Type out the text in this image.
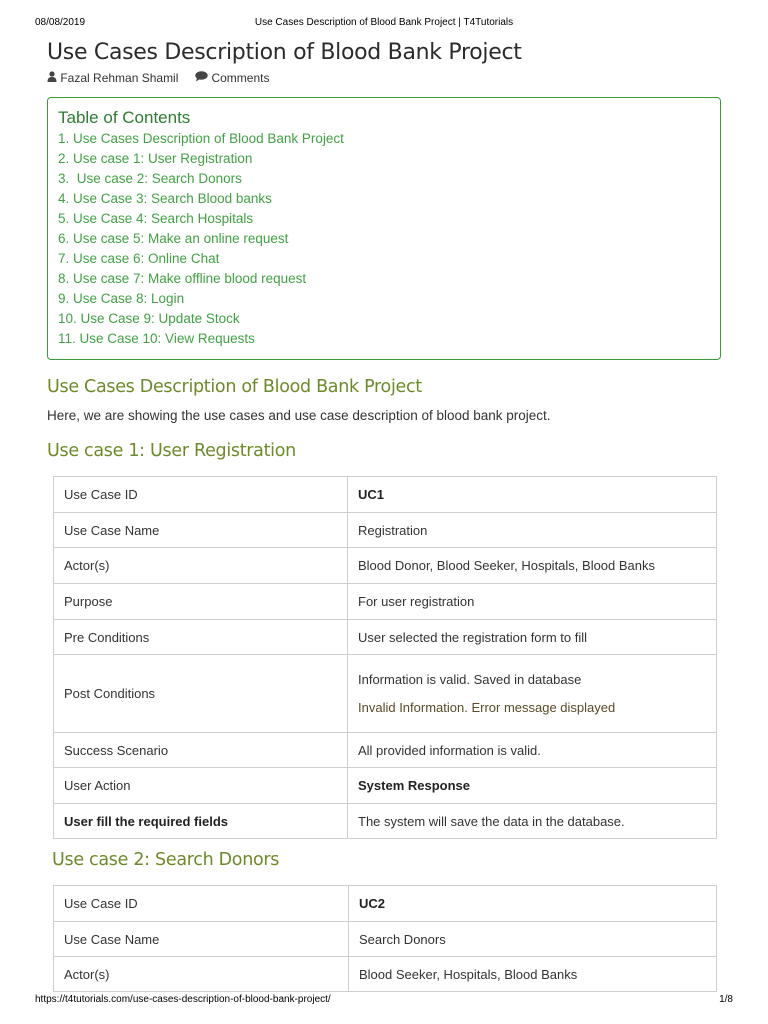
08/08/2019	Use Cases Description of Blood Bank Project | T4Tutorials
Use Cases Description of Blood Bank Project
Fazal Rehman Shamil	Comments

Table of Contents

1. Use Cases Description of Blood Bank Project
2. Use case 1: User Registration
3.  Use case 2: Search Donors
4. Use Case 3: Search Blood banks
5. Use Case 4: Search Hospitals
6. Use case 5: Make an online request
7. Use case 6: Online Chat
8. Use case 7: Make offline blood request
9. Use Case 8: Login
10. Use Case 9: Update Stock
11. Use Case 10: View Requests
Use Cases Description of Blood Bank Project

Here, we are showing the use cases and use case description of blood bank project.

Use case 1: User Registration
Use Case ID	UC1
Use Case Name	Registration
Actor(s)	Blood Donor, Blood Seeker, Hospitals, Blood Banks
Purpose	For user registration
Pre Conditions	User selected the registration form to fill
Post Conditions	Information is valid. Saved in database
Invalid Information. Error message displayed

Success Scenario	All provided information is valid.
User Action	System Response
User fill the required fields	The system will save the data in the database.
Use case 2: Search Donors
Use Case ID	UC2
Use Case Name	Search Donors
Actor(s)	Blood Seeker, Hospitals, Blood Banks
https://t4tutorials.com/use-cases-description-of-blood-bank-project/	1/8
